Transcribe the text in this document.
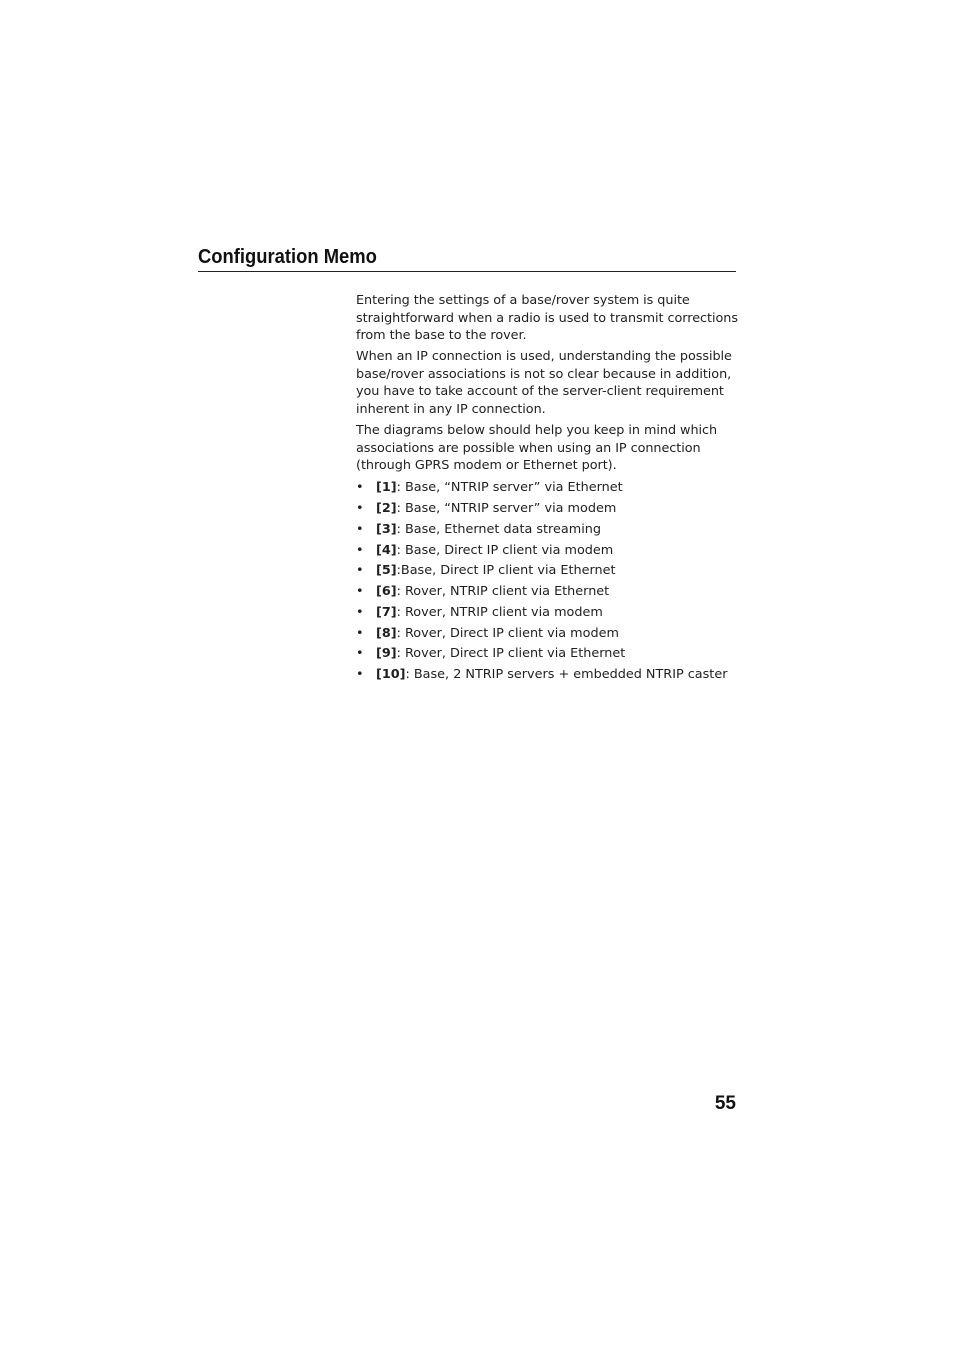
Configuration Memo

Entering the settings of a base/rover system is quite straightforward when a radio is used to transmit corrections from the base to the rover.

When an IP connection is used, understanding the possible base/rover associations is not so clear because in addition, you have to take account of the server-client requirement inherent in any IP connection.

The diagrams below should help you keep in mind which associations are possible when using an IP connection (through GPRS modem or Ethernet port).

• [1]: Base, “NTRIP server” via Ethernet
• [2]: Base, “NTRIP server” via modem
• [3]: Base, Ethernet data streaming
• [4]: Base, Direct IP client via modem
• [5]:Base, Direct IP client via Ethernet
• [6]: Rover, NTRIP client via Ethernet
• [7]: Rover, NTRIP client via modem
• [8]: Rover, Direct IP client via modem
• [9]: Rover, Direct IP client via Ethernet
• [10]: Base, 2 NTRIP servers + embedded NTRIP caster
55
